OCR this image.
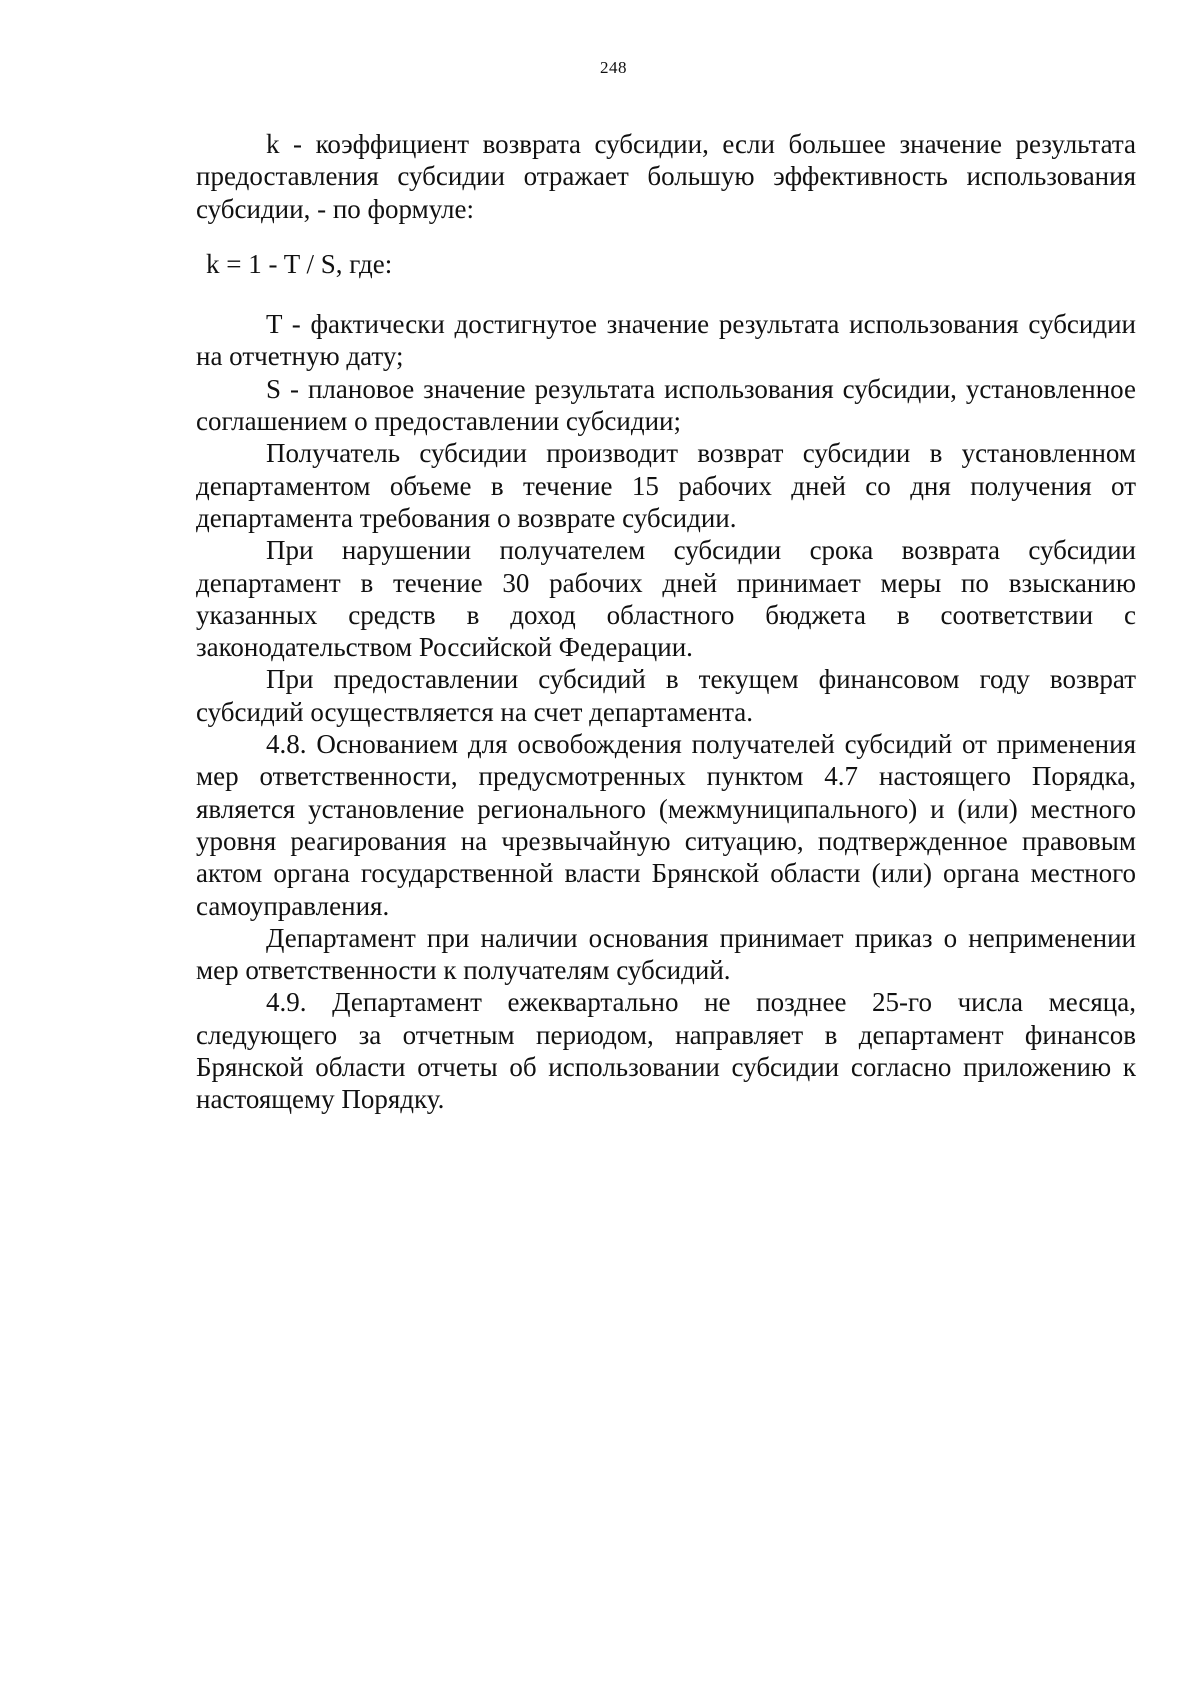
248

k - коэффициент возврата субсидии, если большее значение результата предоставления субсидии отражает большую эффективность использования субсидии, - по формуле:

k = 1 - T / S, где:

T - фактически достигнутое значение результата использования субсидии на отчетную дату;

S - плановое значение результата использования субсидии, установленное соглашением о предоставлении субсидии;

Получатель субсидии производит возврат субсидии в установленном департаментом объеме в течение 15 рабочих дней со дня получения от департамента требования о возврате субсидии.

При нарушении получателем субсидии срока возврата субсидии департамент в течение 30 рабочих дней принимает меры по взысканию указанных средств в доход областного бюджета в соответствии с законодательством Российской Федерации.

При предоставлении субсидий в текущем финансовом году возврат субсидий осуществляется на счет департамента.

4.8. Основанием для освобождения получателей субсидий от применения мер ответственности, предусмотренных пунктом 4.7 настоящего Порядка, является установление регионального (межмуниципального) и (или) местного уровня реагирования на чрезвычайную ситуацию, подтвержденное правовым актом органа государственной власти Брянской области (или) органа местного самоуправления.

Департамент при наличии основания принимает приказ о неприменении мер ответственности к получателям субсидий.

4.9. Департамент ежеквартально не позднее 25-го числа месяца, следующего за отчетным периодом, направляет в департамент финансов Брянской области отчеты об использовании субсидии согласно приложению к настоящему Порядку.
